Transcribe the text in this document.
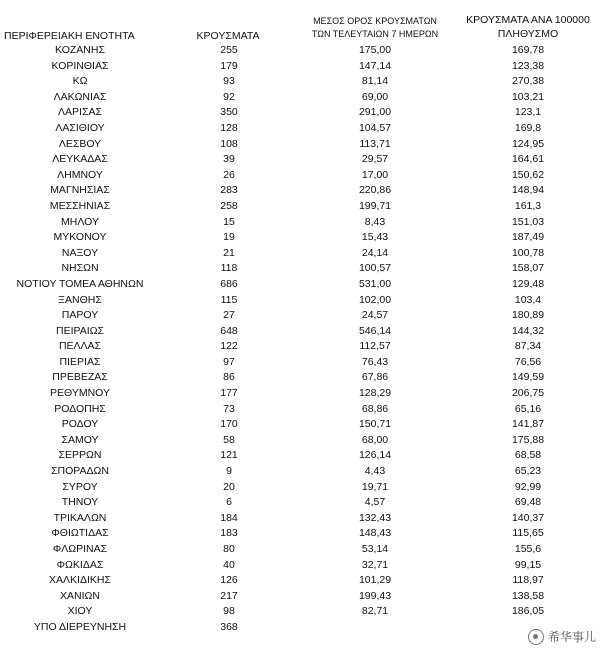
ΠΕΡΙΦΕΡΕΙΑΚΗ ΕΝΟΤΗΤΑ	ΚΡΟΥΣΜΑΤΑ
ΜΕΣΟΣ ΟΡΟΣ ΚΡΟΥΣΜΑΤΩΝ
ΤΩΝ ΤΕΛΕΥΤΑΙΩΝ 7 ΗΜΕΡΩΝ
ΚΡΟΥΣΜΑΤΑ ΑΝΑ 100000
ΠΛΗΘΥΣΜΟ
ΚΟΖΑΝΗΣ	255	175,00	169,78
ΚΟΡΙΝΘΙΑΣ	179	147,14	123,38
ΚΩ	93	81,14	270,38
ΛΑΚΩΝΙΑΣ	92	69,00	103,21
ΛΑΡΙΣΑΣ	350	291,00	123,1
ΛΑΣΙΘΙΟΥ	128	104,57	169,8
ΛΕΣΒΟΥ	108	113,71	124,95
ΛΕΥΚΑΔΑΣ	39	29,57	164,61
ΛΗΜΝΟΥ	26	17,00	150,62
ΜΑΓΝΗΣΙΑΣ	283	220,86	148,94
ΜΕΣΣΗΝΙΑΣ	258	199,71	161,3
ΜΗΛΟΥ	15	8,43	151,03
ΜΥΚΟΝΟΥ	19	15,43	187,49
ΝΑΞΟΥ	21	24,14	100,78
ΝΗΣΩΝ	118	100,57	158,07
ΝΟΤΙΟΥ ΤΟΜΕΑ ΑΘΗΝΩΝ	686	531,00	129,48
ΞΑΝΘΗΣ	115	102,00	103,4
ΠΑΡΟΥ	27	24,57	180,89
ΠΕΙΡΑΙΩΣ	648	546,14	144,32
ΠΕΛΛΑΣ	122	112,57	87,34
ΠΙΕΡΙΑΣ	97	76,43	76,56
ΠΡΕΒΕΖΑΣ	86	67,86	149,59
ΡΕΘΥΜΝΟΥ	177	128,29	206,75
ΡΟΔΟΠΗΣ	73	68,86	65,16
ΡΟΔΟΥ	170	150,71	141,87
ΣΑΜΟΥ	58	68,00	175,88
ΣΕΡΡΩΝ	121	126,14	68,58
ΣΠΟΡΑΔΩΝ	9	4,43	65,23
ΣΥΡΟΥ	20	19,71	92,99
ΤΗΝΟΥ	6	4,57	69,48
ΤΡΙΚΑΛΩΝ	184	132,43	140,37
ΦΘΙΩΤΙΔΑΣ	183	148,43	115,65
ΦΛΩΡΙΝΑΣ	80	53,14	155,6
ΦΩΚΙΔΑΣ	40	32,71	99,15
ΧΑΛΚΙΔΙΚΗΣ	126	101,29	118,97
ΧΑΝΙΩΝ	217	199,43	138,58
ΧΙΟΥ	98	82,71	186,05
ΥΠΟ ΔΙΕΡΕΥΝΗΣΗ	368
希华事儿
